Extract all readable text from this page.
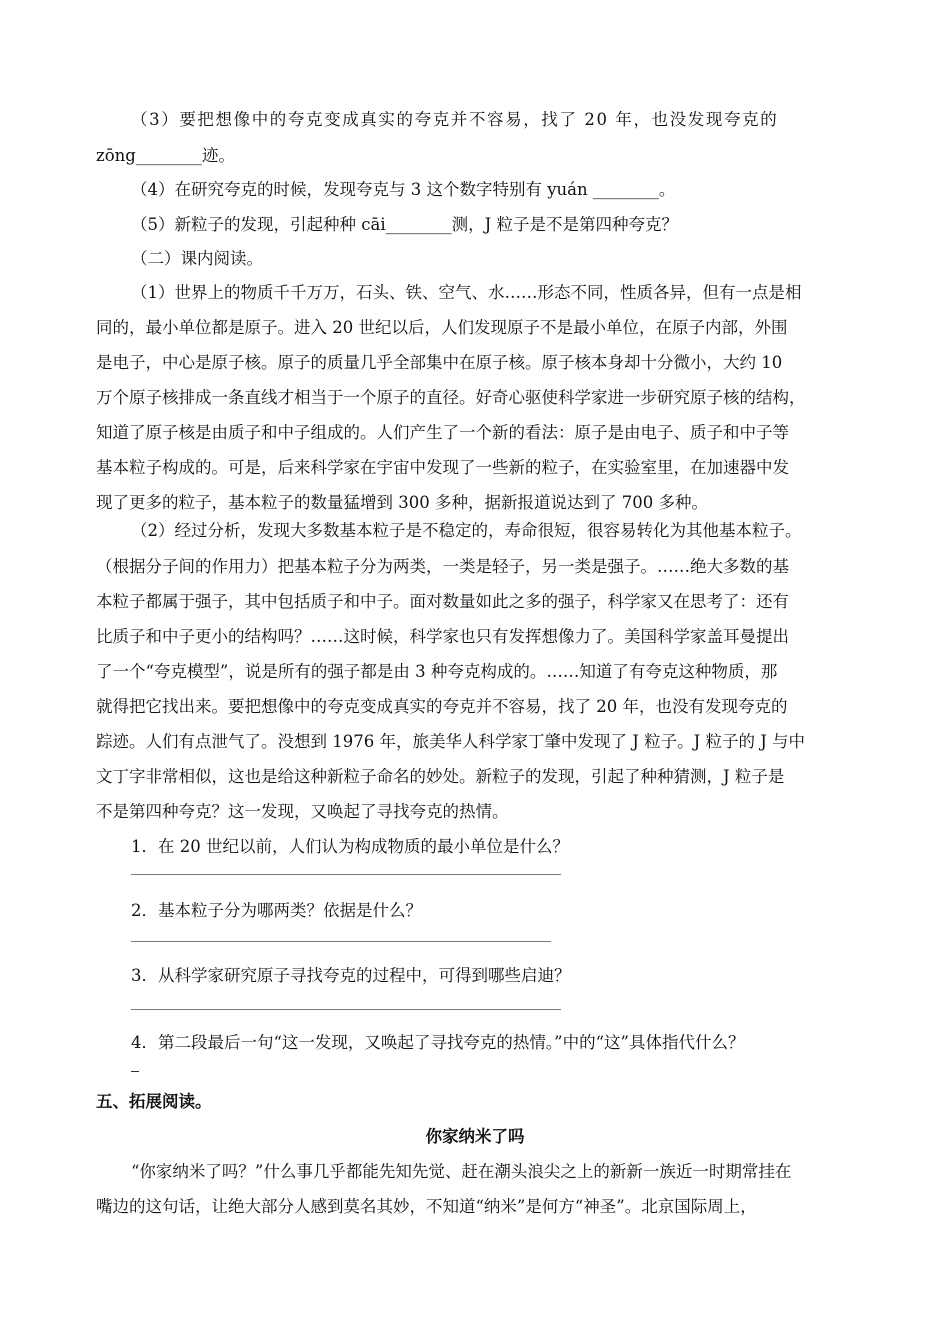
（3）要把想像中的夸克变成真实的夸克并不容易，找了 20 年，也没发现夸克的
zōng________迹。
（4）在研究夸克的时候，发现夸克与 3 这个数字特别有 yuán ________。
（5）新粒子的发现，引起种种 cāi________测，J 粒子是不是第四种夸克？
（二）课内阅读。
（1）世界上的物质千千万万，石头、铁、空气、水……形态不同，性质各异，但有一点是相
同的，最小单位都是原子。进入 20 世纪以后，人们发现原子不是最小单位，在原子内部，外围
是电子，中心是原子核。原子的质量几乎全部集中在原子核。原子核本身却十分微小，大约 10
万个原子核排成一条直线才相当于一个原子的直径。好奇心驱使科学家进一步研究原子核的结构，
知道了原子核是由质子和中子组成的。人们产生了一个新的看法：原子是由电子、质子和中子等
基本粒子构成的。可是，后来科学家在宇宙中发现了一些新的粒子，在实验室里，在加速器中发
现了更多的粒子，基本粒子的数量猛增到 300 多种，据新报道说达到了 700 多种。
（2）经过分析，发现大多数基本粒子是不稳定的，寿命很短，很容易转化为其他基本粒子。
（根据分子间的作用力）把基本粒子分为两类，一类是轻子，另一类是强子。……绝大多数的基
本粒子都属于强子，其中包括质子和中子。面对数量如此之多的强子，科学家又在思考了：还有
比质子和中子更小的结构吗？……这时候，科学家也只有发挥想像力了。美国科学家盖耳曼提出
了一个“夸克模型”，说是所有的强子都是由 3 种夸克构成的。……知道了有夸克这种物质，那
就得把它找出来。要把想像中的夸克变成真实的夸克并不容易，找了 20 年，也没有发现夸克的
踪迹。人们有点泄气了。没想到 1976 年，旅美华人科学家丁肇中发现了 J 粒子。J 粒子的 J 与中
文丁字非常相似，这也是给这种新粒子命名的妙处。新粒子的发现，引起了种种猜测，J 粒子是
不是第四种夸克？这一发现，又唤起了寻找夸克的热情。
1．在 20 世纪以前，人们认为构成物质的最小单位是什么？
2．基本粒子分为哪两类？依据是什么？
3．从科学家研究原子寻找夸克的过程中，可得到哪些启迪？
4．第二段最后一句“这一发现，又唤起了寻找夸克的热情。”中的“这”具体指代什么？
五、拓展阅读。
你家纳米了吗
“你家纳米了吗？”什么事几乎都能先知先觉、赶在潮头浪尖之上的新新一族近一时期常挂在
嘴边的这句话，让绝大部分人感到莫名其妙，不知道“纳米”是何方“神圣”。北京国际周上，
